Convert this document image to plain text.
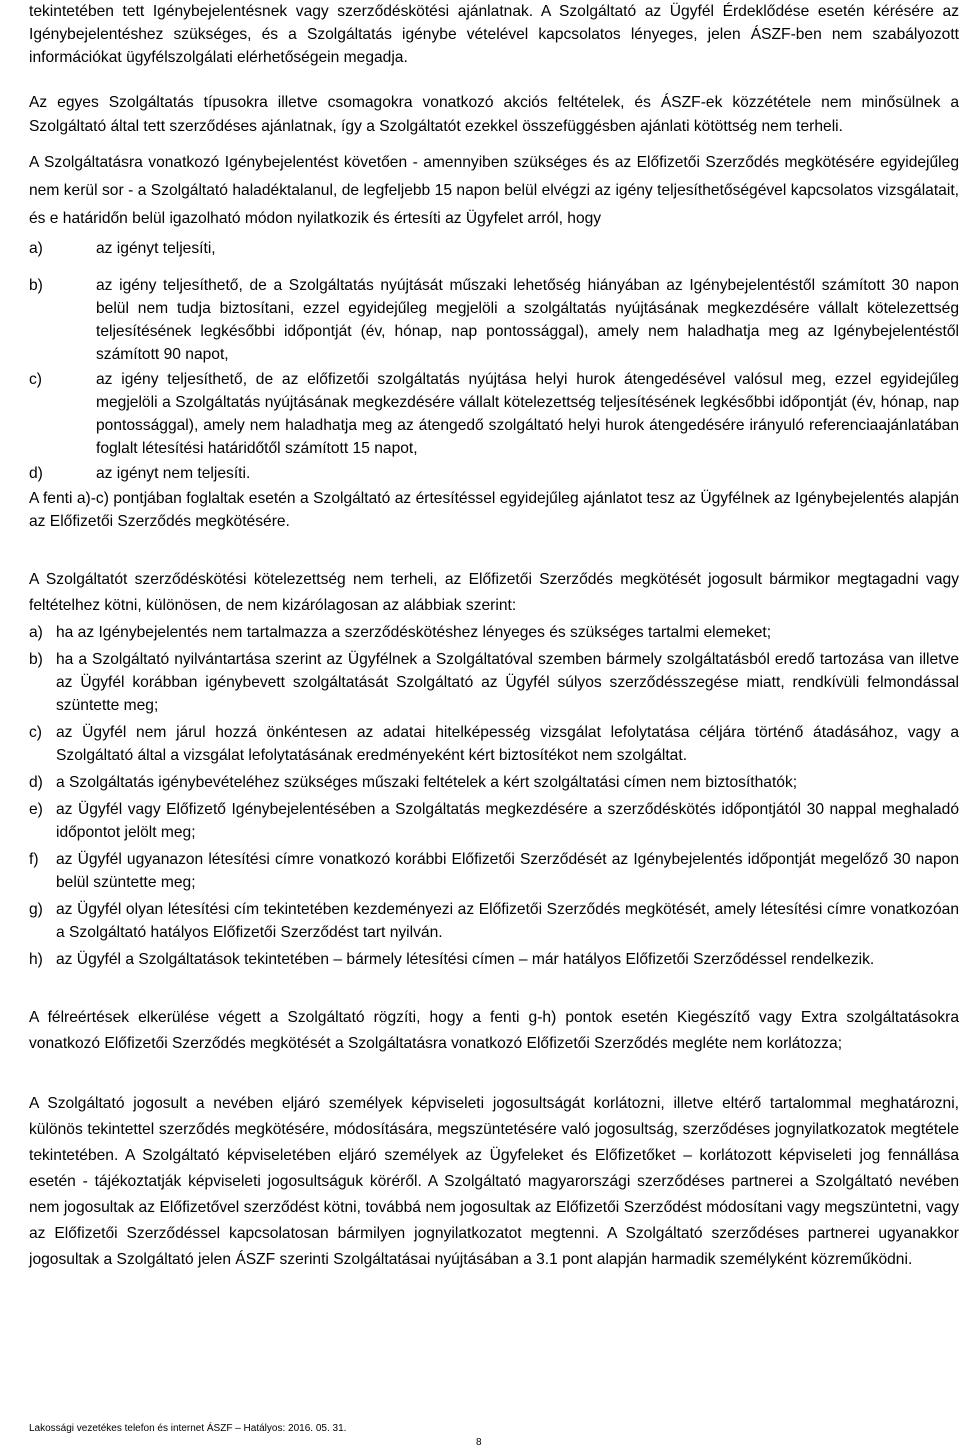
tekintetében tett Igénybejelentésnek vagy szerződéskötési ajánlatnak. A Szolgáltató az Ügyfél Érdeklődése esetén kérésére az Igénybejelentéshez szükséges, és a Szolgáltatás igénybe vételével kapcsolatos lényeges, jelen ÁSZF-ben nem szabályozott információkat ügyfélszolgálati elérhetőségein megadja.

Az egyes Szolgáltatás típusokra illetve csomagokra vonatkozó akciós feltételek, és ÁSZF-ek közzététele nem minősülnek a Szolgáltató által tett szerződéses ajánlatnak, így a Szolgáltatót ezekkel összefüggésben ajánlati kötöttség nem terheli.

A Szolgáltatásra vonatkozó Igénybejelentést követően - amennyiben szükséges és az Előfizetői Szerződés megkötésére egyidejűleg nem kerül sor - a Szolgáltató haladéktalanul, de legfeljebb 15 napon belül elvégzi az igény teljesíthetőségével kapcsolatos vizsgálatait, és e határidőn belül igazolható módon nyilatkozik és értesíti az Ügyfelet arról, hogy

a)	az igényt teljesíti,
b)	az igény teljesíthető, de a Szolgáltatás nyújtását műszaki lehetőség hiányában az Igénybejelentéstől számított 30 napon belül nem tudja biztosítani, ezzel egyidejűleg megjelöli a szolgáltatás nyújtásának megkezdésére vállalt kötelezettség teljesítésének legkésőbbi időpontját (év, hónap, nap pontossággal), amely nem haladhatja meg az Igénybejelentéstől számított 90 napot,
c)	az igény teljesíthető, de az előfizetői szolgáltatás nyújtása helyi hurok átengedésével valósul meg, ezzel egyidejűleg megjelöli a Szolgáltatás nyújtásának megkezdésére vállalt kötelezettség teljesítésének legkésőbbi időpontját (év, hónap, nap pontossággal), amely nem haladhatja meg az átengedő szolgáltató helyi hurok átengedésére irányuló referenciaajánlatában foglalt létesítési határidőtől számított 15 napot,
d)	az igényt nem teljesíti.

A fenti a)-c) pontjában foglaltak esetén a Szolgáltató az értesítéssel egyidejűleg ajánlatot tesz az Ügyfélnek az Igénybejelentés alapján az Előfizetői Szerződés megkötésére.

A Szolgáltatót szerződéskötési kötelezettség nem terheli, az Előfizetői Szerződés megkötését jogosult bármikor megtagadni vagy feltételhez kötni, különösen, de nem kizárólagosan az alábbiak szerint:

a) ha az Igénybejelentés nem tartalmazza a szerződéskötéshez lényeges és szükséges tartalmi elemeket;
b) ha a Szolgáltató nyilvántartása szerint az Ügyfélnek a Szolgáltatóval szemben bármely szolgáltatásból eredő tartozása van illetve az Ügyfél korábban igénybevett szolgáltatását Szolgáltató az Ügyfél súlyos szerződésszegése miatt, rendkívüli felmondással szüntette meg;
c) az Ügyfél nem járul hozzá önkéntesen az adatai hitelképesség vizsgálat lefolytatása céljára történő átadásához, vagy a Szolgáltató által a vizsgálat lefolytatásának eredményeként kért biztosítékot nem szolgáltat.
d) a Szolgáltatás igénybevételéhez szükséges műszaki feltételek a kért szolgáltatási címen nem biztosíthatók;
e) az Ügyfél vagy Előfizető Igénybejelentésében a Szolgáltatás megkezdésére a szerződéskötés időpontjától 30 nappal meghaladó időpontot jelölt meg;
f)	az Ügyfél ugyanazon létesítési címre vonatkozó korábbi Előfizetői Szerződését az Igénybejelentés időpontját megelőző 30 napon belül szüntette meg;
g) az Ügyfél olyan létesítési cím tekintetében kezdeményezi az Előfizetői Szerződés megkötését, amely létesítési címre vonatkozóan a Szolgáltató hatályos Előfizetői Szerződést tart nyilván.
h) az Ügyfél a Szolgáltatások tekintetében – bármely létesítési címen – már hatályos Előfizetői Szerződéssel rendelkezik.

A félreértések elkerülése végett a Szolgáltató rögzíti, hogy a fenti g-h) pontok esetén Kiegészítő vagy Extra szolgáltatásokra vonatkozó Előfizetői Szerződés megkötését a Szolgáltatásra vonatkozó Előfizetői Szerződés megléte nem korlátozza;

A Szolgáltató jogosult a nevében eljáró személyek képviseleti jogosultságát korlátozni, illetve eltérő tartalommal meghatározni, különös tekintettel szerződés megkötésére, módosítására, megszüntetésére való jogosultság, szerződéses jognyilatkozatok megtétele tekintetében. A Szolgáltató képviseletében eljáró személyek az Ügyfeleket és Előfizetőket – korlátozott képviseleti jog fennállása esetén - tájékoztatják képviseleti jogosultságuk köréről. A Szolgáltató magyarországi szerződéses partnerei a Szolgáltató nevében nem jogosultak az Előfizetővel szerződést kötni, továbbá nem jogosultak az Előfizetői Szerződést módosítani vagy megszüntetni, vagy az Előfizetői Szerződéssel kapcsolatosan bármilyen jognyilatkozatot megtenni. A Szolgáltató szerződéses partnerei ugyanakkor jogosultak a Szolgáltató jelen ÁSZF szerinti Szolgáltatásai nyújtásában a 3.1 pont alapján harmadik személyként közreműködni.

Lakossági vezetékes telefon és internet ÁSZF – Hatályos: 2016. 05. 31.
8
